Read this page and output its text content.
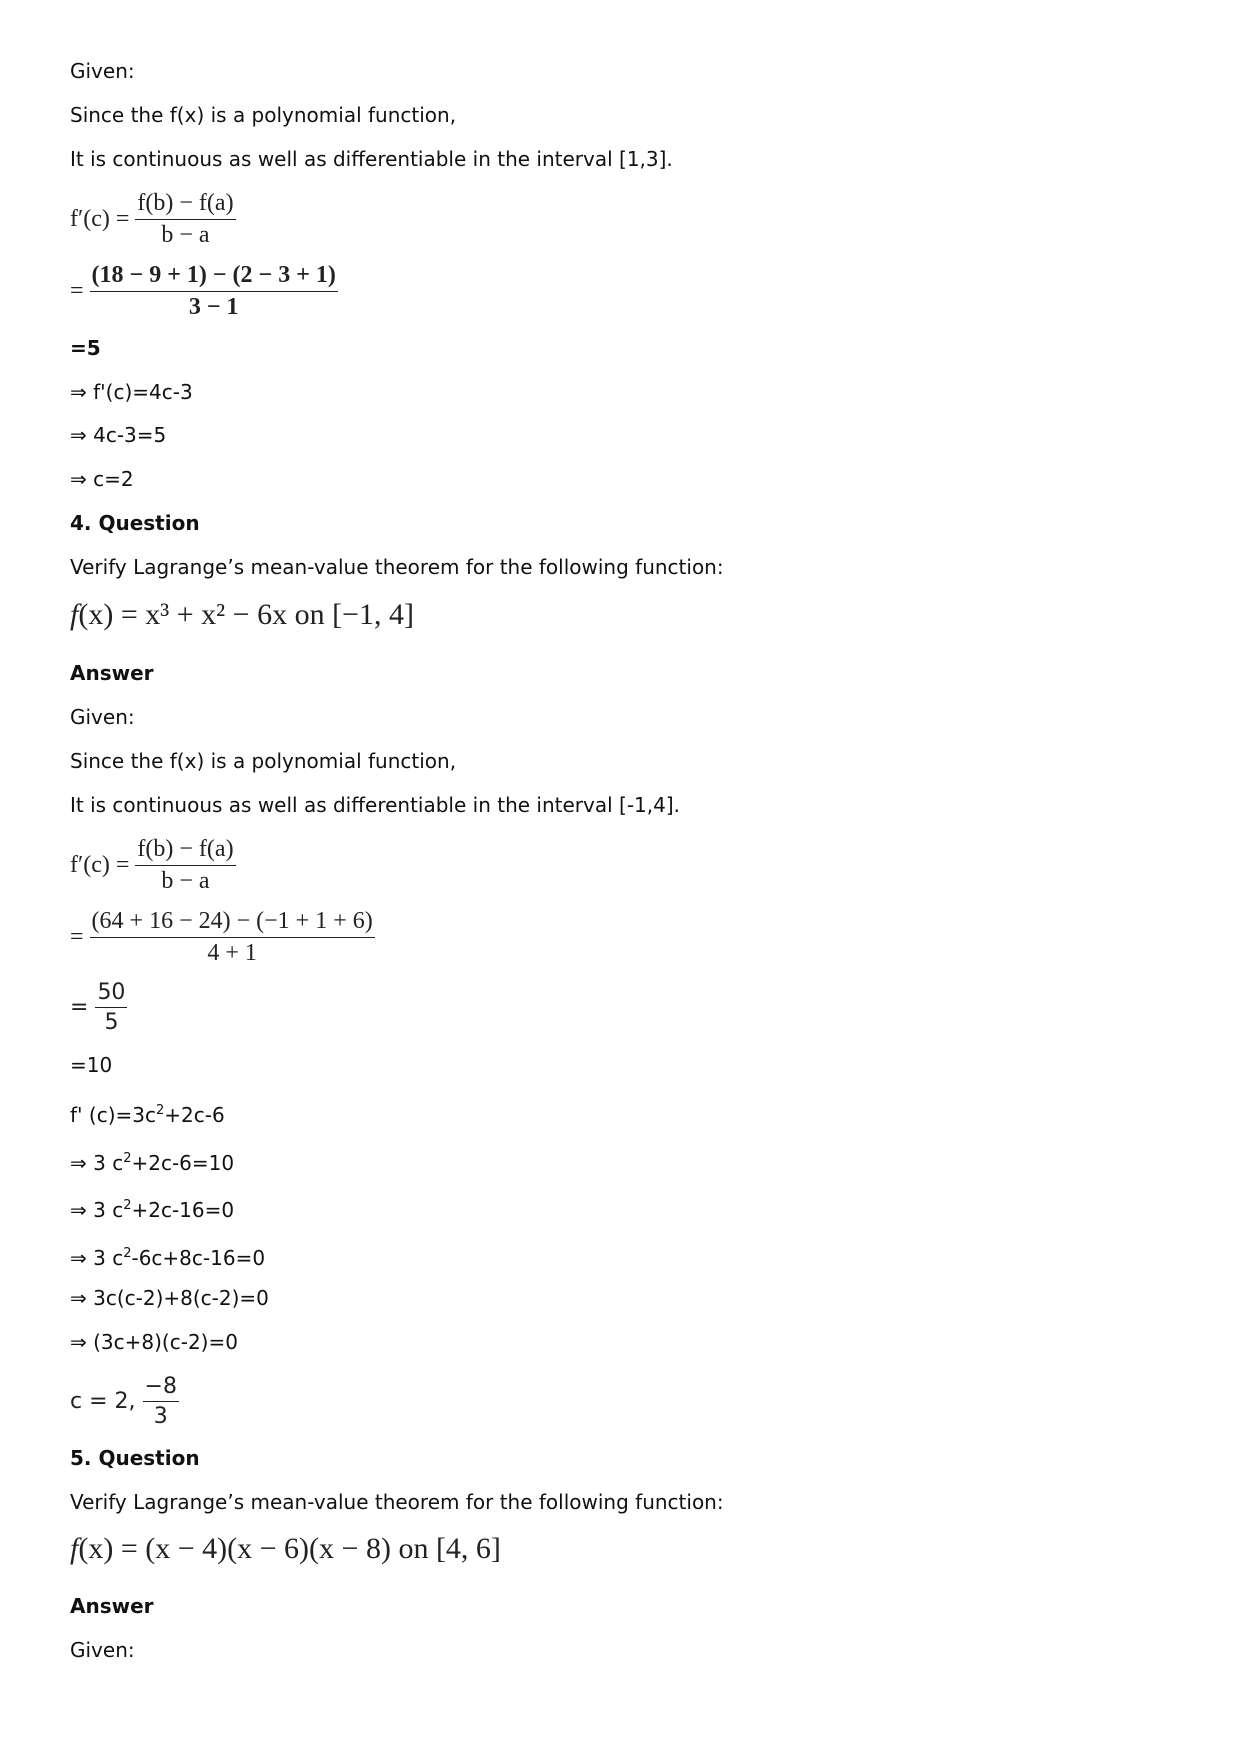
Given:
Since the f(x) is a polynomial function,
It is continuous as well as differentiable in the interval [1,3].
$f'(c) = \frac{f(b) - f(a)}{b - a}$
= $\frac{(18 - 9 + 1) - (2 - 3 + 1)}{3 - 1}$
=5
⇒ f'(c)=4c-3
⇒ 4c-3=5
⇒ c=2
4. Question
Verify Lagrange’s mean-value theorem for the following function:
f(x) = x³ + x² − 6x on [−1, 4]
Answer
Given:
Since the f(x) is a polynomial function,
It is continuous as well as differentiable in the interval [-1,4].
$f'(c) = \frac{f(b) - f(a)}{b - a}$
= $\frac{(64 + 16 - 24) - (-1 + 1 + 6)}{4 + 1}$
= $\frac{50}{5}$
=10
f' $(c)=3c^2+2c-6$
⇒ 3 $c^2+2c-6=10$
⇒ 3 $c^2+2c-16=0$
⇒ 3 $c^2-6c+8c-16=0$
⇒ 3c(c-2)+8(c-2)=0
⇒ (3c+8)(c-2)=0
c = 2, $\frac{-8}{3}$
5. Question
Verify Lagrange’s mean-value theorem for the following function:
f(x) = (x − 4)(x − 6)(x − 8) on [4, 6]
Answer
Given:
